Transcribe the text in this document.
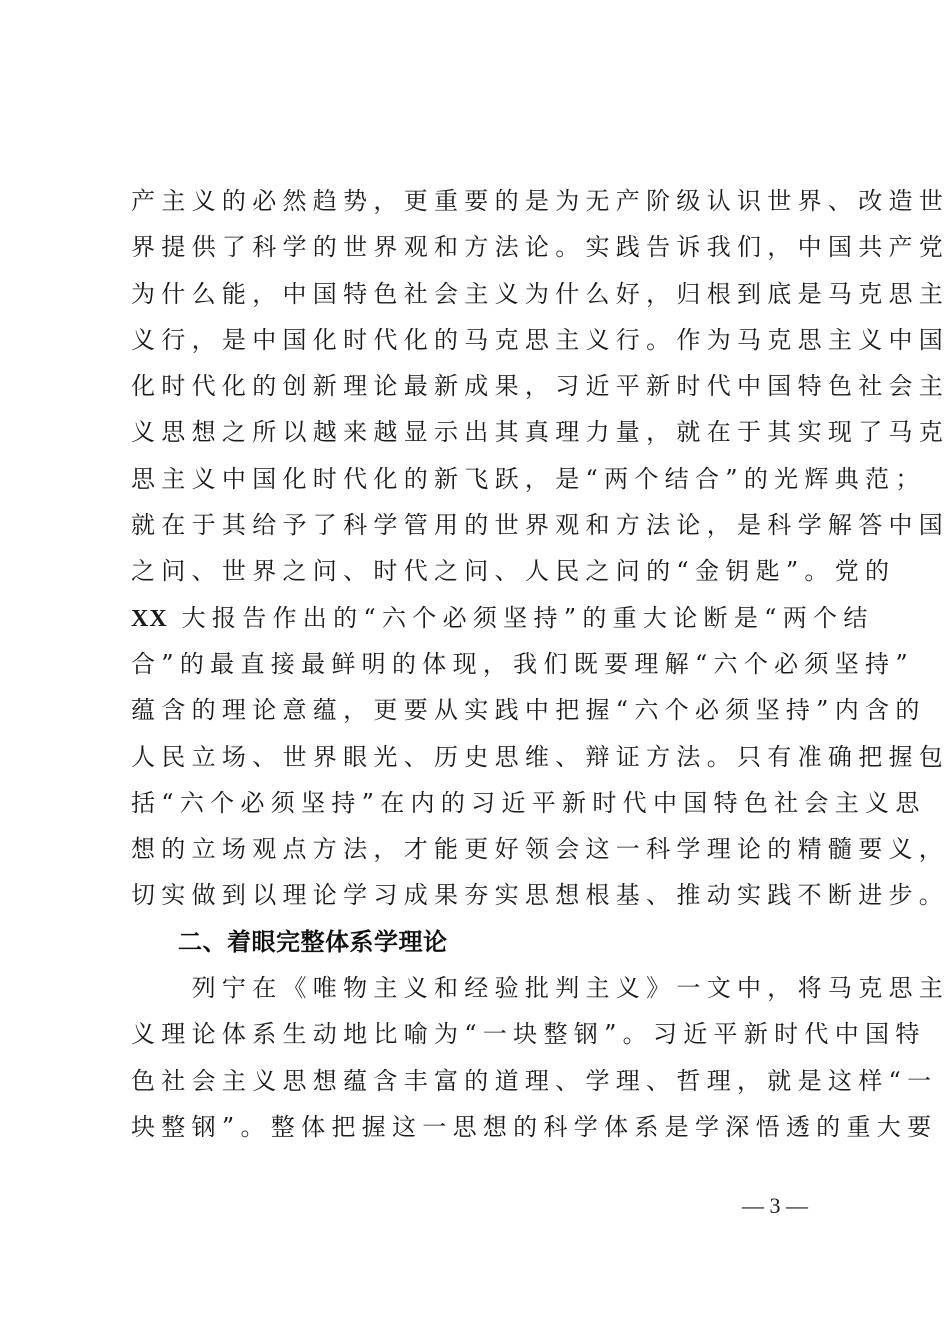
产主义的必然趋势，更重要的是为无产阶级认识世界、改造世
界提供了科学的世界观和方法论。实践告诉我们，中国共产党
为什么能，中国特色社会主义为什么好，归根到底是马克思主
义行，是中国化时代化的马克思主义行。作为马克思主义中国
化时代化的创新理论最新成果，习近平新时代中国特色社会主
义思想之所以越来越显示出其真理力量，就在于其实现了马克
思主义中国化时代化的新飞跃，是“两个结合”的光辉典范；
就在于其给予了科学管用的世界观和方法论，是科学解答中国
之问、世界之问、时代之问、人民之问的“金钥匙”。党的
XX 大报告作出的“六个必须坚持”的重大论断是“两个结
合”的最直接最鲜明的体现，我们既要理解“六个必须坚持”
蕴含的理论意蕴，更要从实践中把握“六个必须坚持”内含的
人民立场、世界眼光、历史思维、辩证方法。只有准确把握包
括“六个必须坚持”在内的习近平新时代中国特色社会主义思
想的立场观点方法，才能更好领会这一科学理论的精髓要义，
切实做到以理论学习成果夯实思想根基、推动实践不断进步。
二、着眼完整体系学理论
　　列宁在《唯物主义和经验批判主义》一文中，将马克思主
义理论体系生动地比喻为“一块整钢”。习近平新时代中国特
色社会主义思想蕴含丰富的道理、学理、哲理，就是这样“一
块整钢”。整体把握这一思想的科学体系是学深悟透的重大要
— 3 —
